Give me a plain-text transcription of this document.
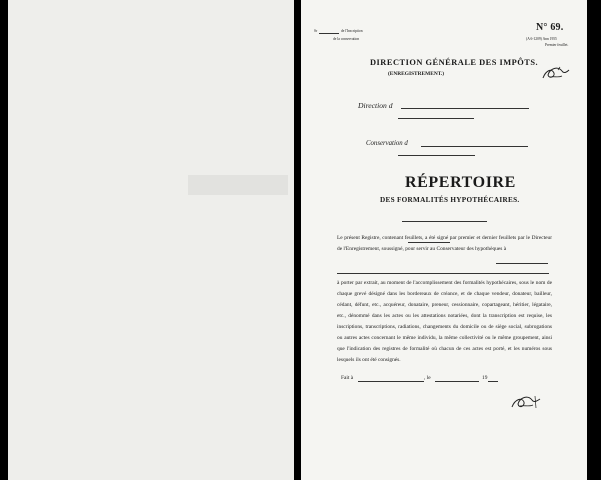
Sr	de l'Inscription
de la conservation
N° 69.
(A 6-1209) Ann 1955
Premier feuillet.
DIRECTION GÉNÉRALE DES IMPÔTS.
(ENREGISTREMENT.)
Direction d
Conservation d
RÉPERTOIRE
DES FORMALITÉS HYPOTHÉCAIRES.
Le présent Registre, contenant feuillets, a été signé par premier et dernier feuillets par le Directeur de l'Enregistrement, soussigné, pour servir au Conservateur des hypothèques à
à porter par extrait, au moment de l'accomplissement des formalités hypothécaires, sous le nom de chaque grevé désigné dans les bordereaux de créance, et de chaque vendeur, donateur, bailleur, cédant, défunt, etc., acquéreur, donataire, preneur, cessionnaire, copartageant, héritier, légataire, etc., dénommé dans les actes ou les attestations notariées, dont la transcription est requise, les inscriptions, transcriptions, radiations, changements du domicile ou de siège social, subrogations ou autres actes concernant le même individu, la même collectivité ou le même groupement, ainsi que l'indication des registres de formalité où chacun de ces actes est porté, et les numéros sous lesquels ils ont été consignés.
Fait à	, le	19
